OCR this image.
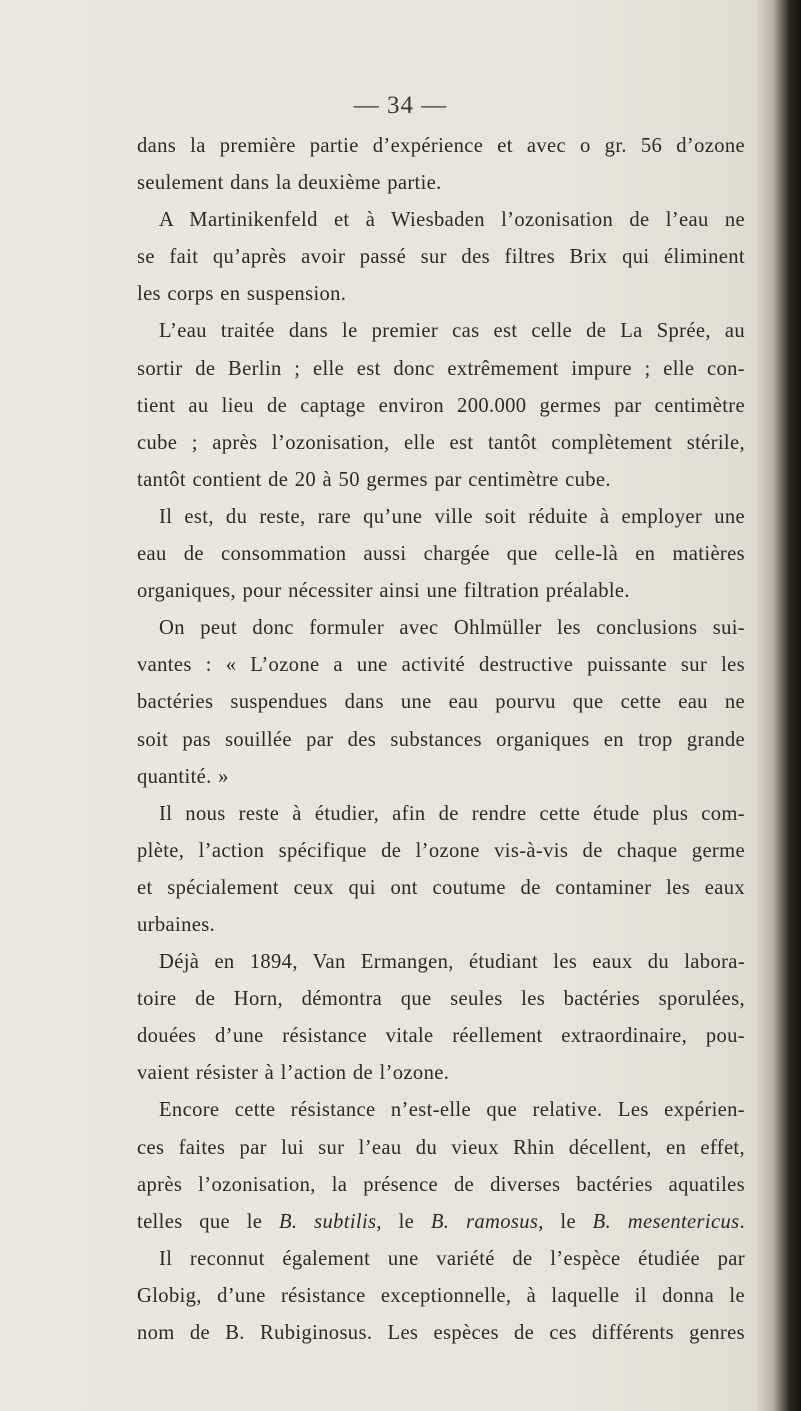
— 34 —
dans la première partie d’expérience et avec o gr. 56 d’ozone
seulement dans la deuxième partie.
A Martinikenfeld et à Wiesbaden l’ozonisation de l’eau ne
se fait qu’après avoir passé sur des filtres Brix qui éliminent
les corps en suspension.
L’eau traitée dans le premier cas est celle de La Sprée, au
sortir de Berlin ; elle est donc extrêmement impure ; elle con-
tient au lieu de captage environ 200.000 germes par centimètre
cube ; après l’ozonisation, elle est tantôt complètement stérile,
tantôt contient de 20 à 50 germes par centimètre cube.
Il est, du reste, rare qu’une ville soit réduite à employer une
eau de consommation aussi chargée que celle-là en matières
organiques, pour nécessiter ainsi une filtration préalable.
On peut donc formuler avec Ohlmüller les conclusions sui-
vantes : « L’ozone a une activité destructive puissante sur les
bactéries suspendues dans une eau pourvu que cette eau ne
soit pas souillée par des substances organiques en trop grande
quantité. »
Il nous reste à étudier, afin de rendre cette étude plus com-
plète, l’action spécifique de l’ozone vis-à-vis de chaque germe
et spécialement ceux qui ont coutume de contaminer les eaux
urbaines.
Déjà en 1894, Van Ermangen, étudiant les eaux du labora-
toire de Horn, démontra que seules les bactéries sporulées,
douées d’une résistance vitale réellement extraordinaire, pou-
vaient résister à l’action de l’ozone.
Encore cette résistance n’est-elle que relative. Les expérien-
ces faites par lui sur l’eau du vieux Rhin décellent, en effet,
après l’ozonisation, la présence de diverses bactéries aquatiles
telles que le B. subtilis, le B. ramosus, le B. mesentericus.
Il reconnut également une variété de l’espèce étudiée par
Globig, d’une résistance exceptionnelle, à laquelle il donna le
nom de B. Rubiginosus. Les espèces de ces différents genres
